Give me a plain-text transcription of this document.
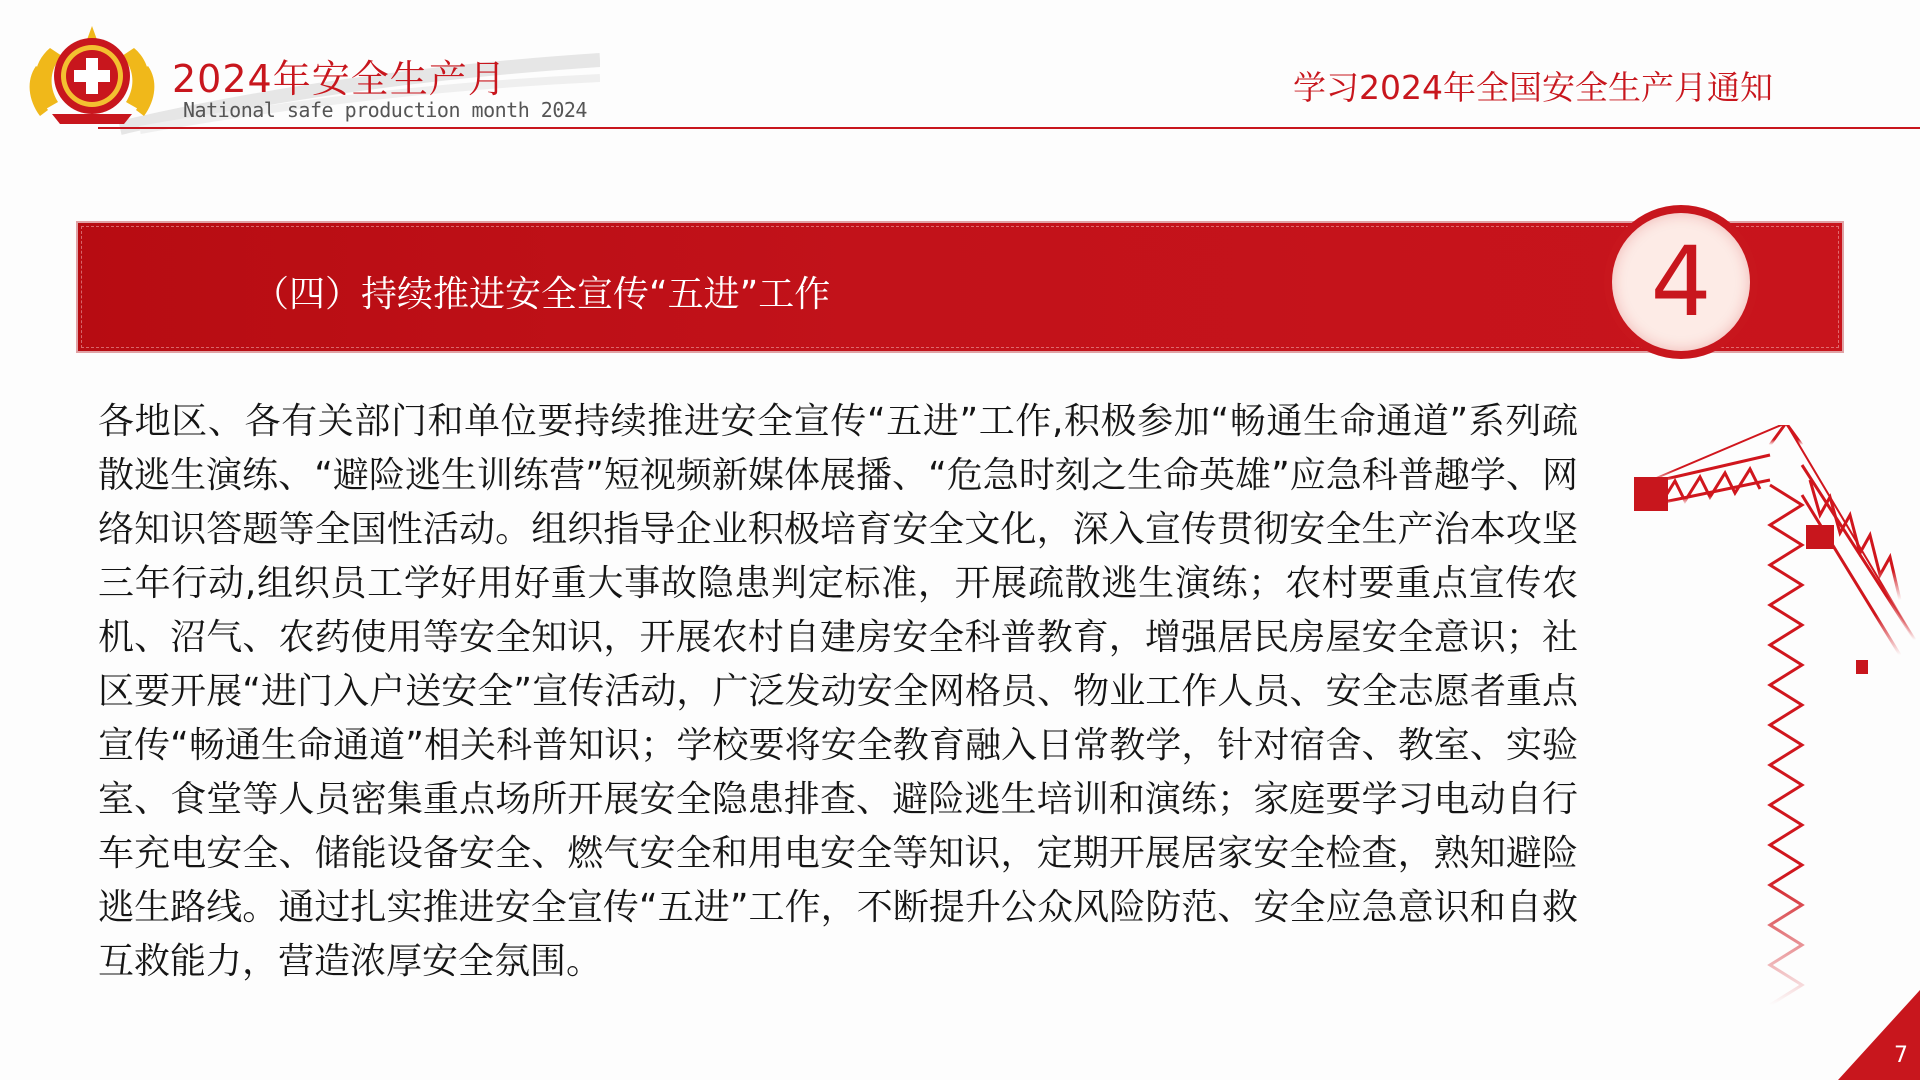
2024年安全生产月
National safe production month 2024
学习2024年全国安全生产月通知
（四）持续推进安全宣传“五进”工作	4

各地区、各有关部门和单位要持续推进安全宣传“五进”工作,积极参加“畅通生命通道”系列疏散逃生演练、“避险逃生训练营”短视频新媒体展播、“危急时刻之生命英雄”应急科普趣学、网络知识答题等全国性活动。组织指导企业积极培育安全文化，深入宣传贯彻安全生产治本攻坚三年行动,组织员工学好用好重大事故隐患判定标准，开展疏散逃生演练；农村要重点宣传农机、沼气、农药使用等安全知识，开展农村自建房安全科普教育，增强居民房屋安全意识；社区要开展“进门入户送安全”宣传活动，广泛发动安全网格员、物业工作人员、安全志愿者重点宣传“畅通生命通道”相关科普知识；学校要将安全教育融入日常教学，针对宿舍、教室、实验室、食堂等人员密集重点场所开展安全隐患排查、避险逃生培训和演练；家庭要学习电动自行车充电安全、储能设备安全、燃气安全和用电安全等知识，定期开展居家安全检查，熟知避险逃生路线。通过扎实推进安全宣传“五进”工作，不断提升公众风险防范、安全应急意识和自救互救能力，营造浓厚安全氛围。

7
